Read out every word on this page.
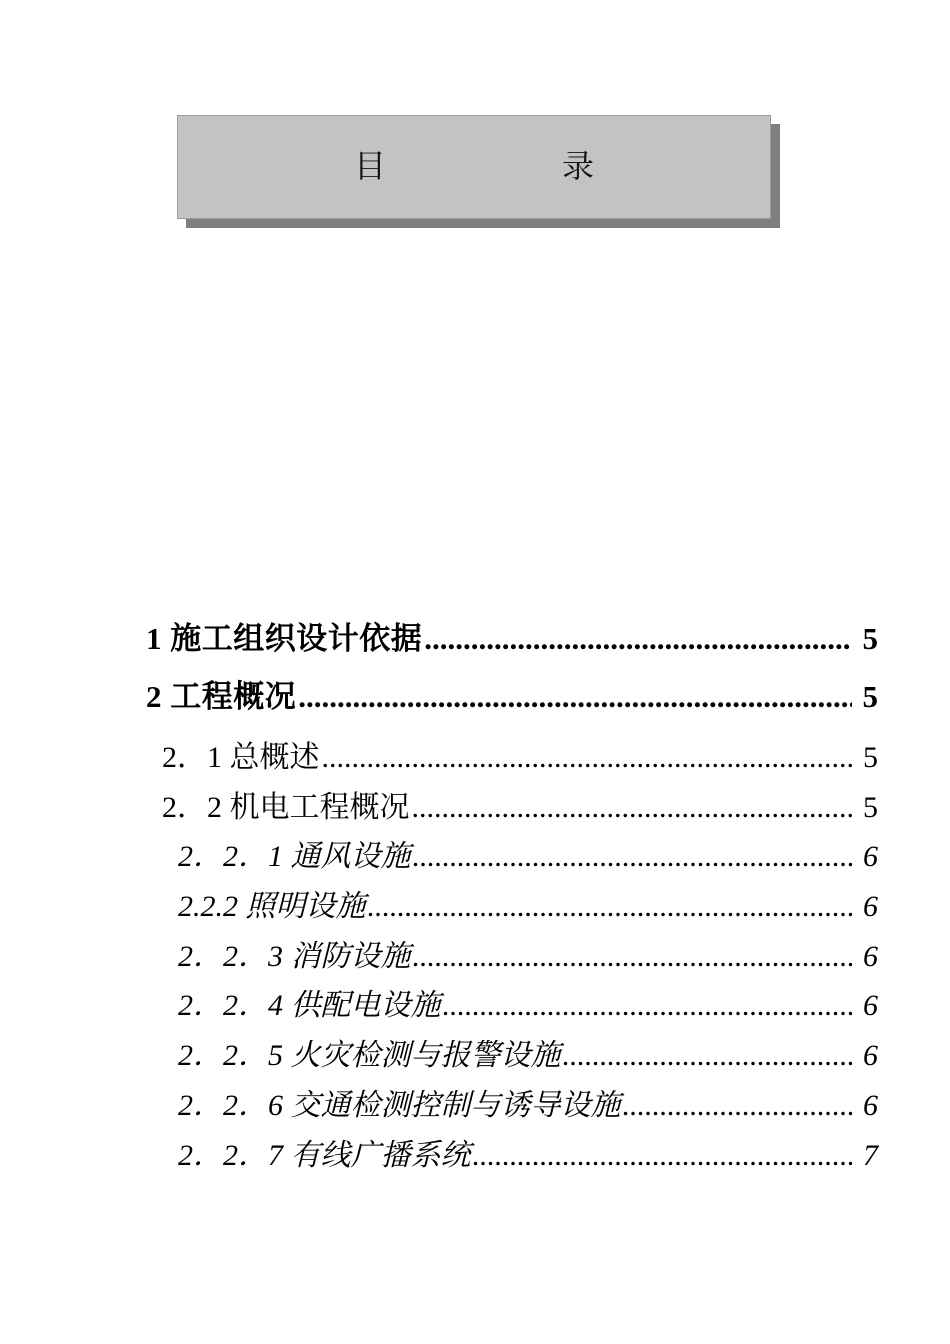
目	录
1 施工组织设计依据 .....	5
2 工程概况 .....	5
2．1 总概述 .....	5
2．2 机电工程概况 .....	5
2．2．1 通风设施 .....	6
2.2.2 照明设施 .....	6
2．2．3 消防设施 .....	6
2．2．4 供配电设施 .....	6
2．2．5 火灾检测与报警设施 .....	6
2．2．6 交通检测控制与诱导设施 .....	6
2．2．7 有线广播系统 .....	7
